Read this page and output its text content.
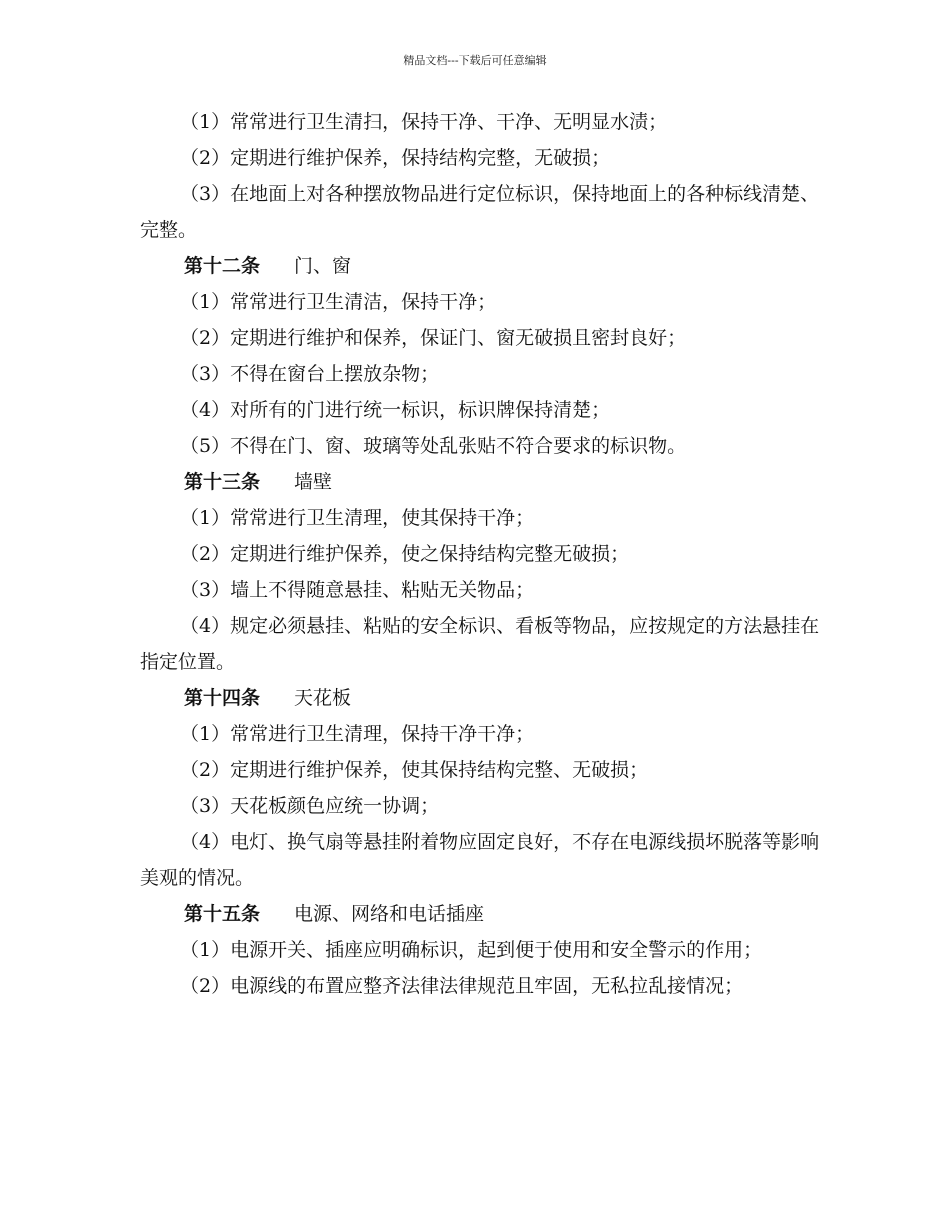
精品文档---下载后可任意编辑

（1）常常进行卫生清扫，保持干净、干净、无明显水渍；

（2）定期进行维护保养，保持结构完整，无破损；

（3）在地面上对各种摆放物品进行定位标识，保持地面上的各种标线清楚、完整。

第十二条 门、窗

（1）常常进行卫生清洁，保持干净；

（2）定期进行维护和保养，保证门、窗无破损且密封良好；

（3）不得在窗台上摆放杂物；

（4）对所有的门进行统一标识，标识牌保持清楚；

（5）不得在门、窗、玻璃等处乱张贴不符合要求的标识物。

第十三条 墙壁

（1）常常进行卫生清理，使其保持干净；

（2）定期进行维护保养，使之保持结构完整无破损；

（3）墙上不得随意悬挂、粘贴无关物品；

（4）规定必须悬挂、粘贴的安全标识、看板等物品，应按规定的方法悬挂在指定位置。

第十四条 天花板

（1）常常进行卫生清理，保持干净干净；

（2）定期进行维护保养，使其保持结构完整、无破损；

（3）天花板颜色应统一协调；

（4）电灯、换气扇等悬挂附着物应固定良好，不存在电源线损坏脱落等影响美观的情况。

第十五条 电源、网络和电话插座

（1）电源开关、插座应明确标识，起到便于使用和安全警示的作用；

（2）电源线的布置应整齐法律法律规范且牢固，无私拉乱接情况；
